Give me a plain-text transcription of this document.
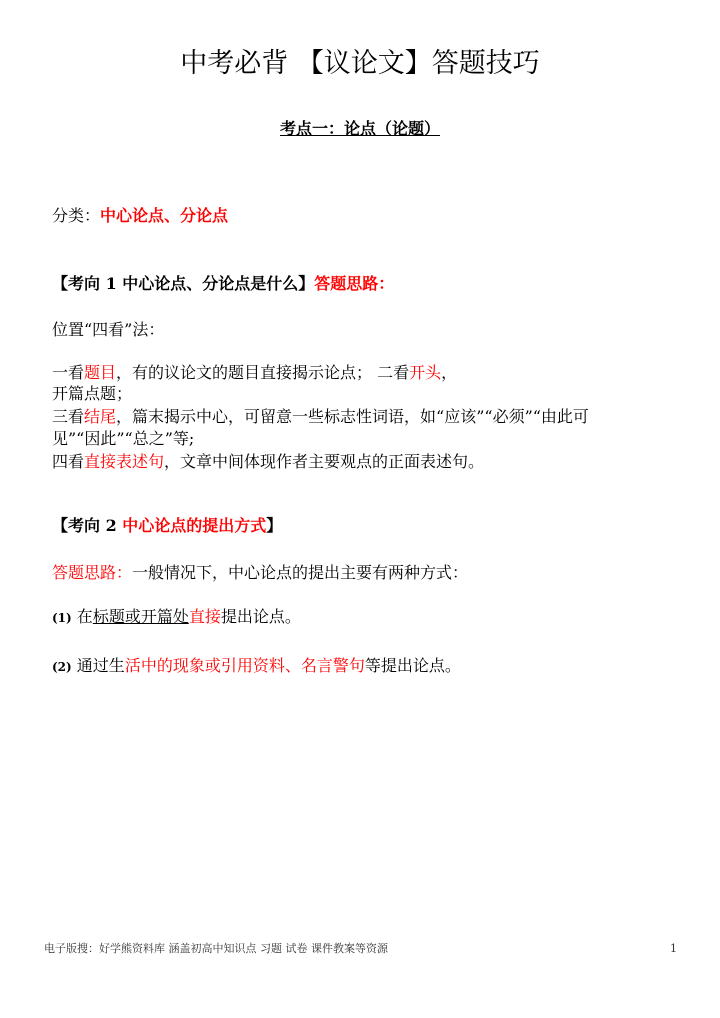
中考必背 【议论文】答题技巧
考点一：论点（论题）
分类：中心论点、分论点
【考向 1 中心论点、分论点是什么】答题思路：
位置“四看”法：
一看题目，有的议论文的题目直接揭示论点； 二看开头，
开篇点题；
三看结尾，篇末揭示中心，可留意一些标志性词语，如“应该”“必须”“由此可
见”“因此”“总之”等;
四看直接表述句，文章中间体现作者主要观点的正面表述句。
【考向 2 中心论点的提出方式】
答题思路：一般情况下，中心论点的提出主要有两种方式：
(1) 在标题或开篇处直接提出论点。
(2) 通过生活中的现象或引用资料、名言警句等提出论点。
电子版搜：好学熊资料库 涵盖初高中知识点 习题 试卷 课件教案等资源	1
